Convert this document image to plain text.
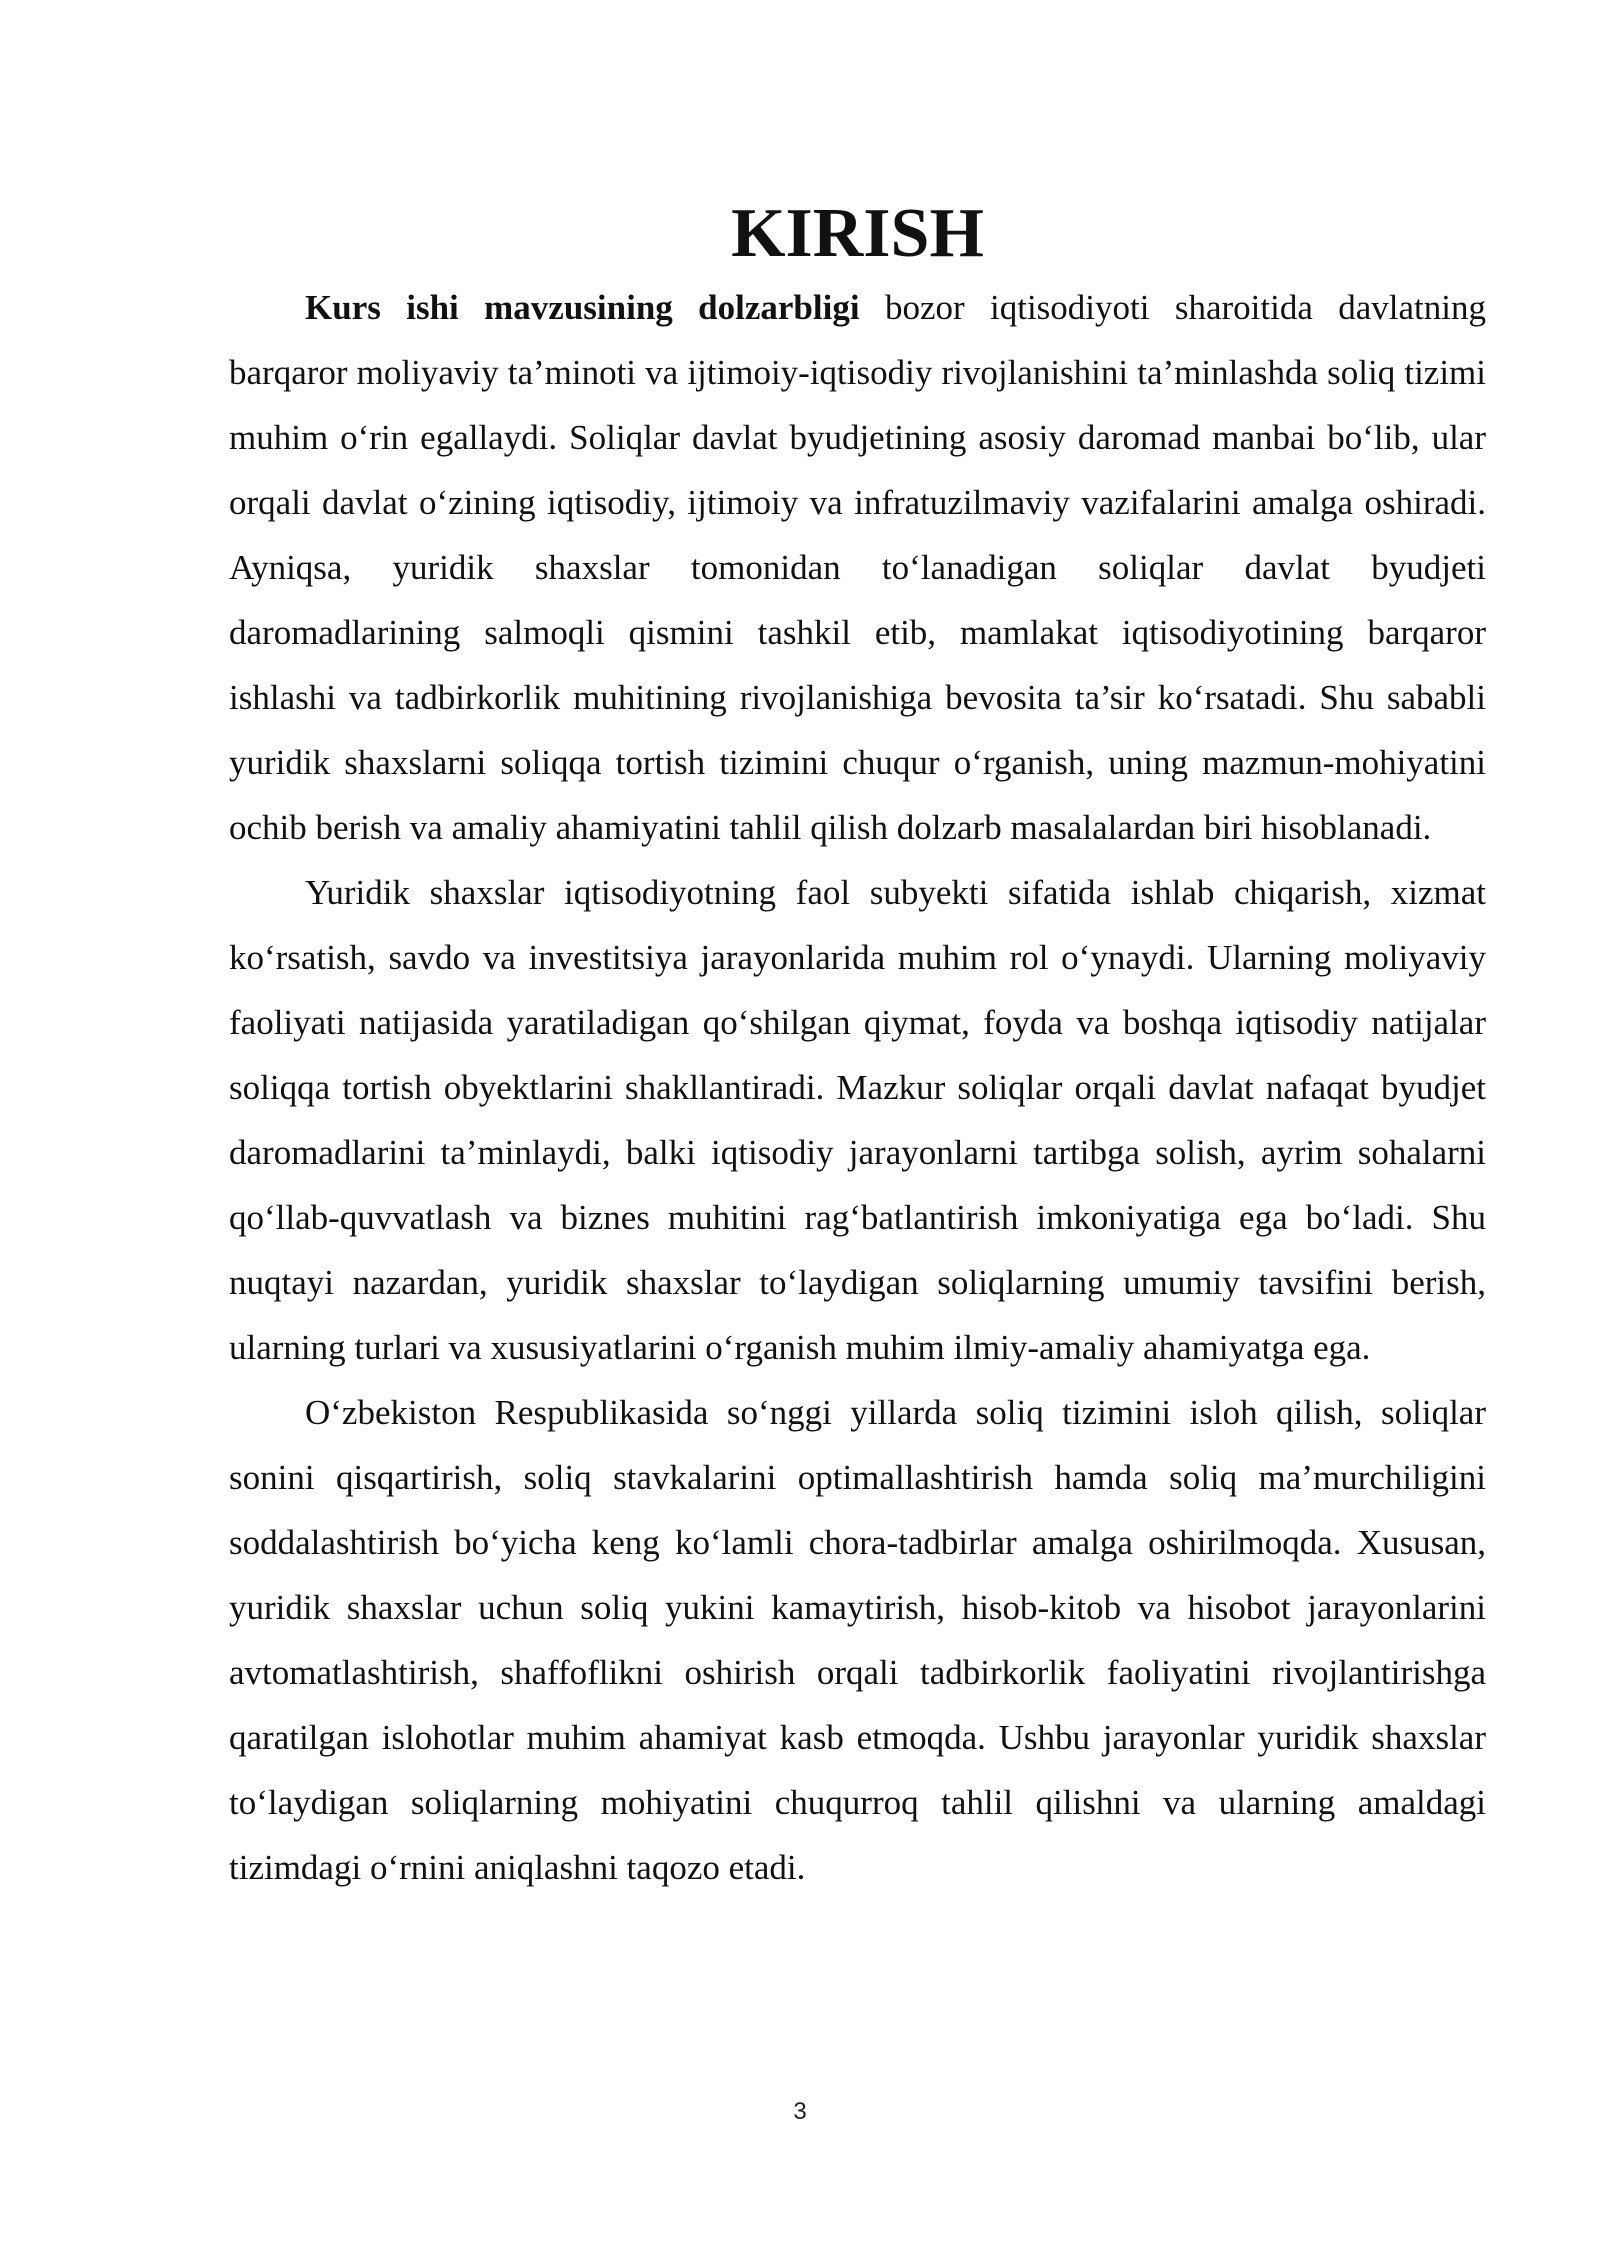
KIRISH

Kurs ishi mavzusining dolzarbligi bozor iqtisodiyoti sharoitida davlatning barqaror moliyaviy ta’minoti va ijtimoiy-iqtisodiy rivojlanishini ta’minlashda soliq tizimi muhim o‘rin egallaydi. Soliqlar davlat byudjetining asosiy daromad manbai bo‘lib, ular orqali davlat o‘zining iqtisodiy, ijtimoiy va infratuzilmaviy vazifalarini amalga oshiradi. Ayniqsa, yuridik shaxslar tomonidan to‘lanadigan soliqlar davlat byudjeti daromadlarining salmoqli qismini tashkil etib, mamlakat iqtisodiyotining barqaror ishlashi va tadbirkorlik muhitining rivojlanishiga bevosita ta’sir ko‘rsatadi. Shu sababli yuridik shaxslarni soliqqa tortish tizimini chuqur o‘rganish, uning mazmun-mohiyatini ochib berish va amaliy ahamiyatini tahlil qilish dolzarb masalalardan biri hisoblanadi.

Yuridik shaxslar iqtisodiyotning faol subyekti sifatida ishlab chiqarish, xizmat ko‘rsatish, savdo va investitsiya jarayonlarida muhim rol o‘ynaydi. Ularning moliyaviy faoliyati natijasida yaratiladigan qo‘shilgan qiymat, foyda va boshqa iqtisodiy natijalar soliqqa tortish obyektlarini shakllantiradi. Mazkur soliqlar orqali davlat nafaqat byudjet daromadlarini ta’minlaydi, balki iqtisodiy jarayonlarni tartibga solish, ayrim sohalarni qo‘llab-quvvatlash va biznes muhitini rag‘batlantirish imkoniyatiga ega bo‘ladi. Shu nuqtayi nazardan, yuridik shaxslar to‘laydigan soliqlarning umumiy tavsifini berish, ularning turlari va xususiyatlarini o‘rganish muhim ilmiy-amaliy ahamiyatga ega.

O‘zbekiston Respublikasida so‘nggi yillarda soliq tizimini isloh qilish, soliqlar sonini qisqartirish, soliq stavkalarini optimallashtirish hamda soliq ma’murchiligini soddalashtirish bo‘yicha keng ko‘lamli chora-tadbirlar amalga oshirilmoqda. Xususan, yuridik shaxslar uchun soliq yukini kamaytirish, hisob-kitob va hisobot jarayonlarini avtomatlashtirish, shaffoflikni oshirish orqali tadbirkorlik faoliyatini rivojlantirishga qaratilgan islohotlar muhim ahamiyat kasb etmoqda. Ushbu jarayonlar yuridik shaxslar to‘laydigan soliqlarning mohiyatini chuqurroq tahlil qilishni va ularning amaldagi tizimdagi o‘rnini aniqlashni taqozo etadi.

3
